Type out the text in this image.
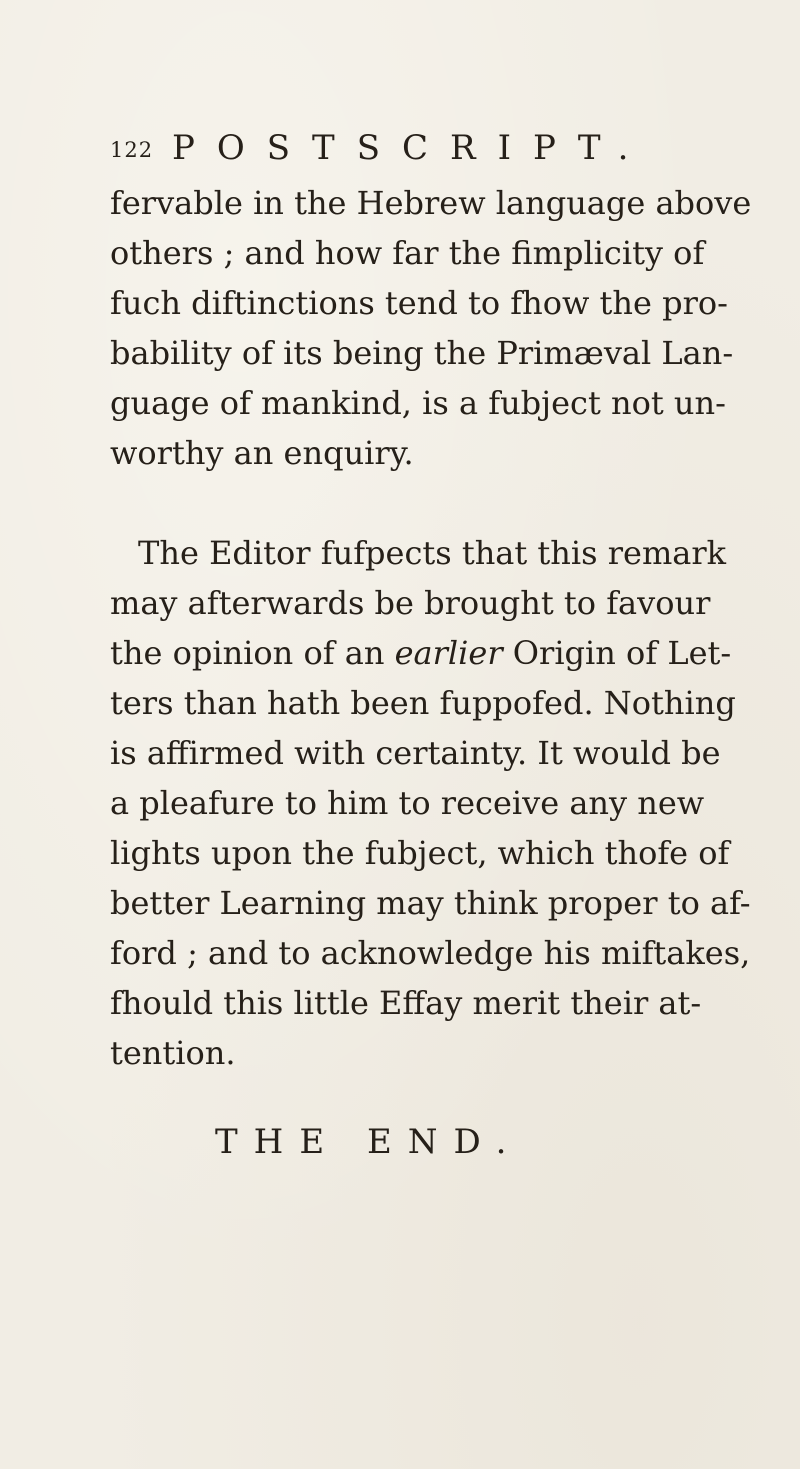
122 POSTSCRIPT.
fervable in the Hebrew language above
others ; and how far the fimplicity of
fuch diftinctions tend to fhow the pro-
bability of its being the Primæval Lan-
guage of mankind, is a fubject not un-
worthy an enquiry.
The Editor fufpects that this remark
may afterwards be brought to favour
the opinion of an earlier Origin of Let-
ters than hath been fuppofed. Nothing
is affirmed with certainty. It would be
a pleafure to him to receive any new
lights upon the fubject, which thofe of
better Learning may think proper to af-
ford ; and to acknowledge his miftakes,
fhould this little Effay merit their at-
tention.
THE END.
